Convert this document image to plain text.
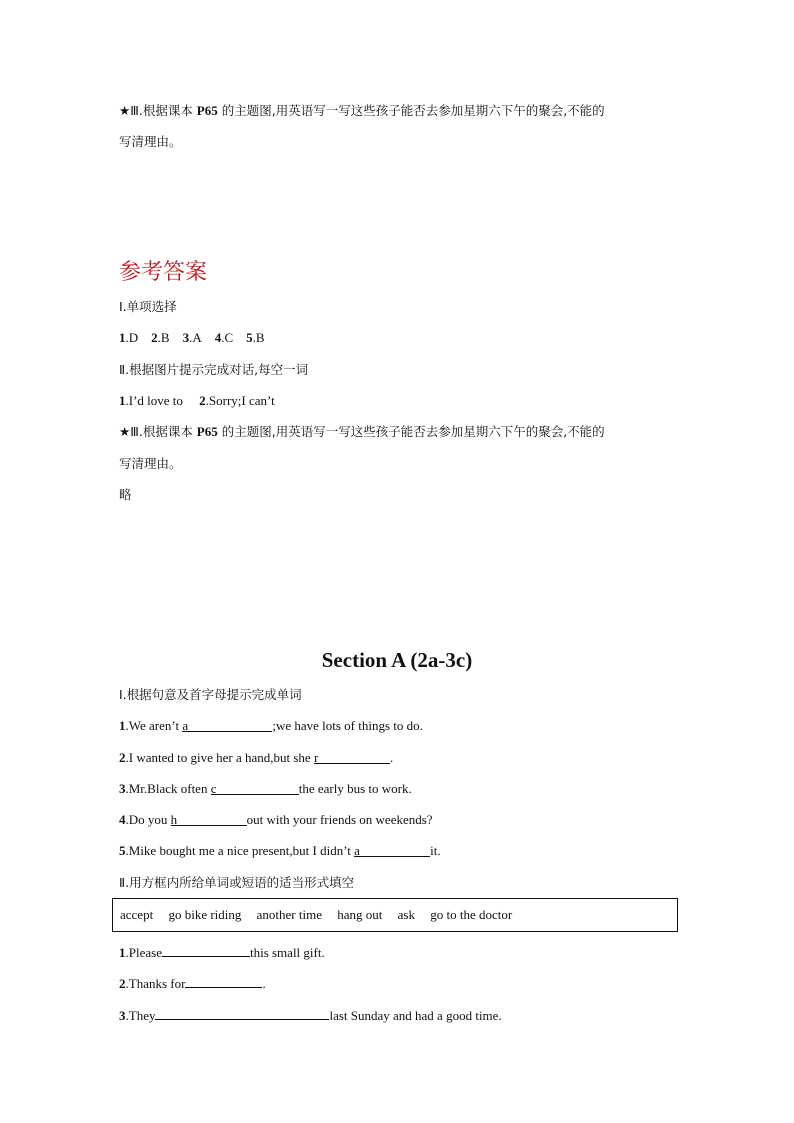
★Ⅲ.根据课本 P65 的主题图,用英语写一写这些孩子能否去参加星期六下午的聚会,不能的
写清理由。
参考答案
Ⅰ.单项选择
1.D 2.B 3.A 4.C 5.B
Ⅱ.根据图片提示完成对话,每空一词
1.I’d love to 2.Sorry;I can’t
★Ⅲ.根据课本 P65 的主题图,用英语写一写这些孩子能否去参加星期六下午的聚会,不能的
写清理由。
略
Section A (2a-3c)
Ⅰ.根据句意及首字母提示完成单词
1.We aren’t a	;we have lots of things to do.
2.I wanted to give her a hand,but she r	.
3.Mr.Black often c	the early bus to work.
4.Do you h	out with your friends on weekends?
5.Mike bought me a nice present,but I didn’t a	it.
Ⅱ.用方框内所给单词或短语的适当形式填空
accept go bike riding another time hang out ask go to the doctor
1.Please	this small gift.
2.Thanks for	.
3.They	last Sunday and had a good time.
